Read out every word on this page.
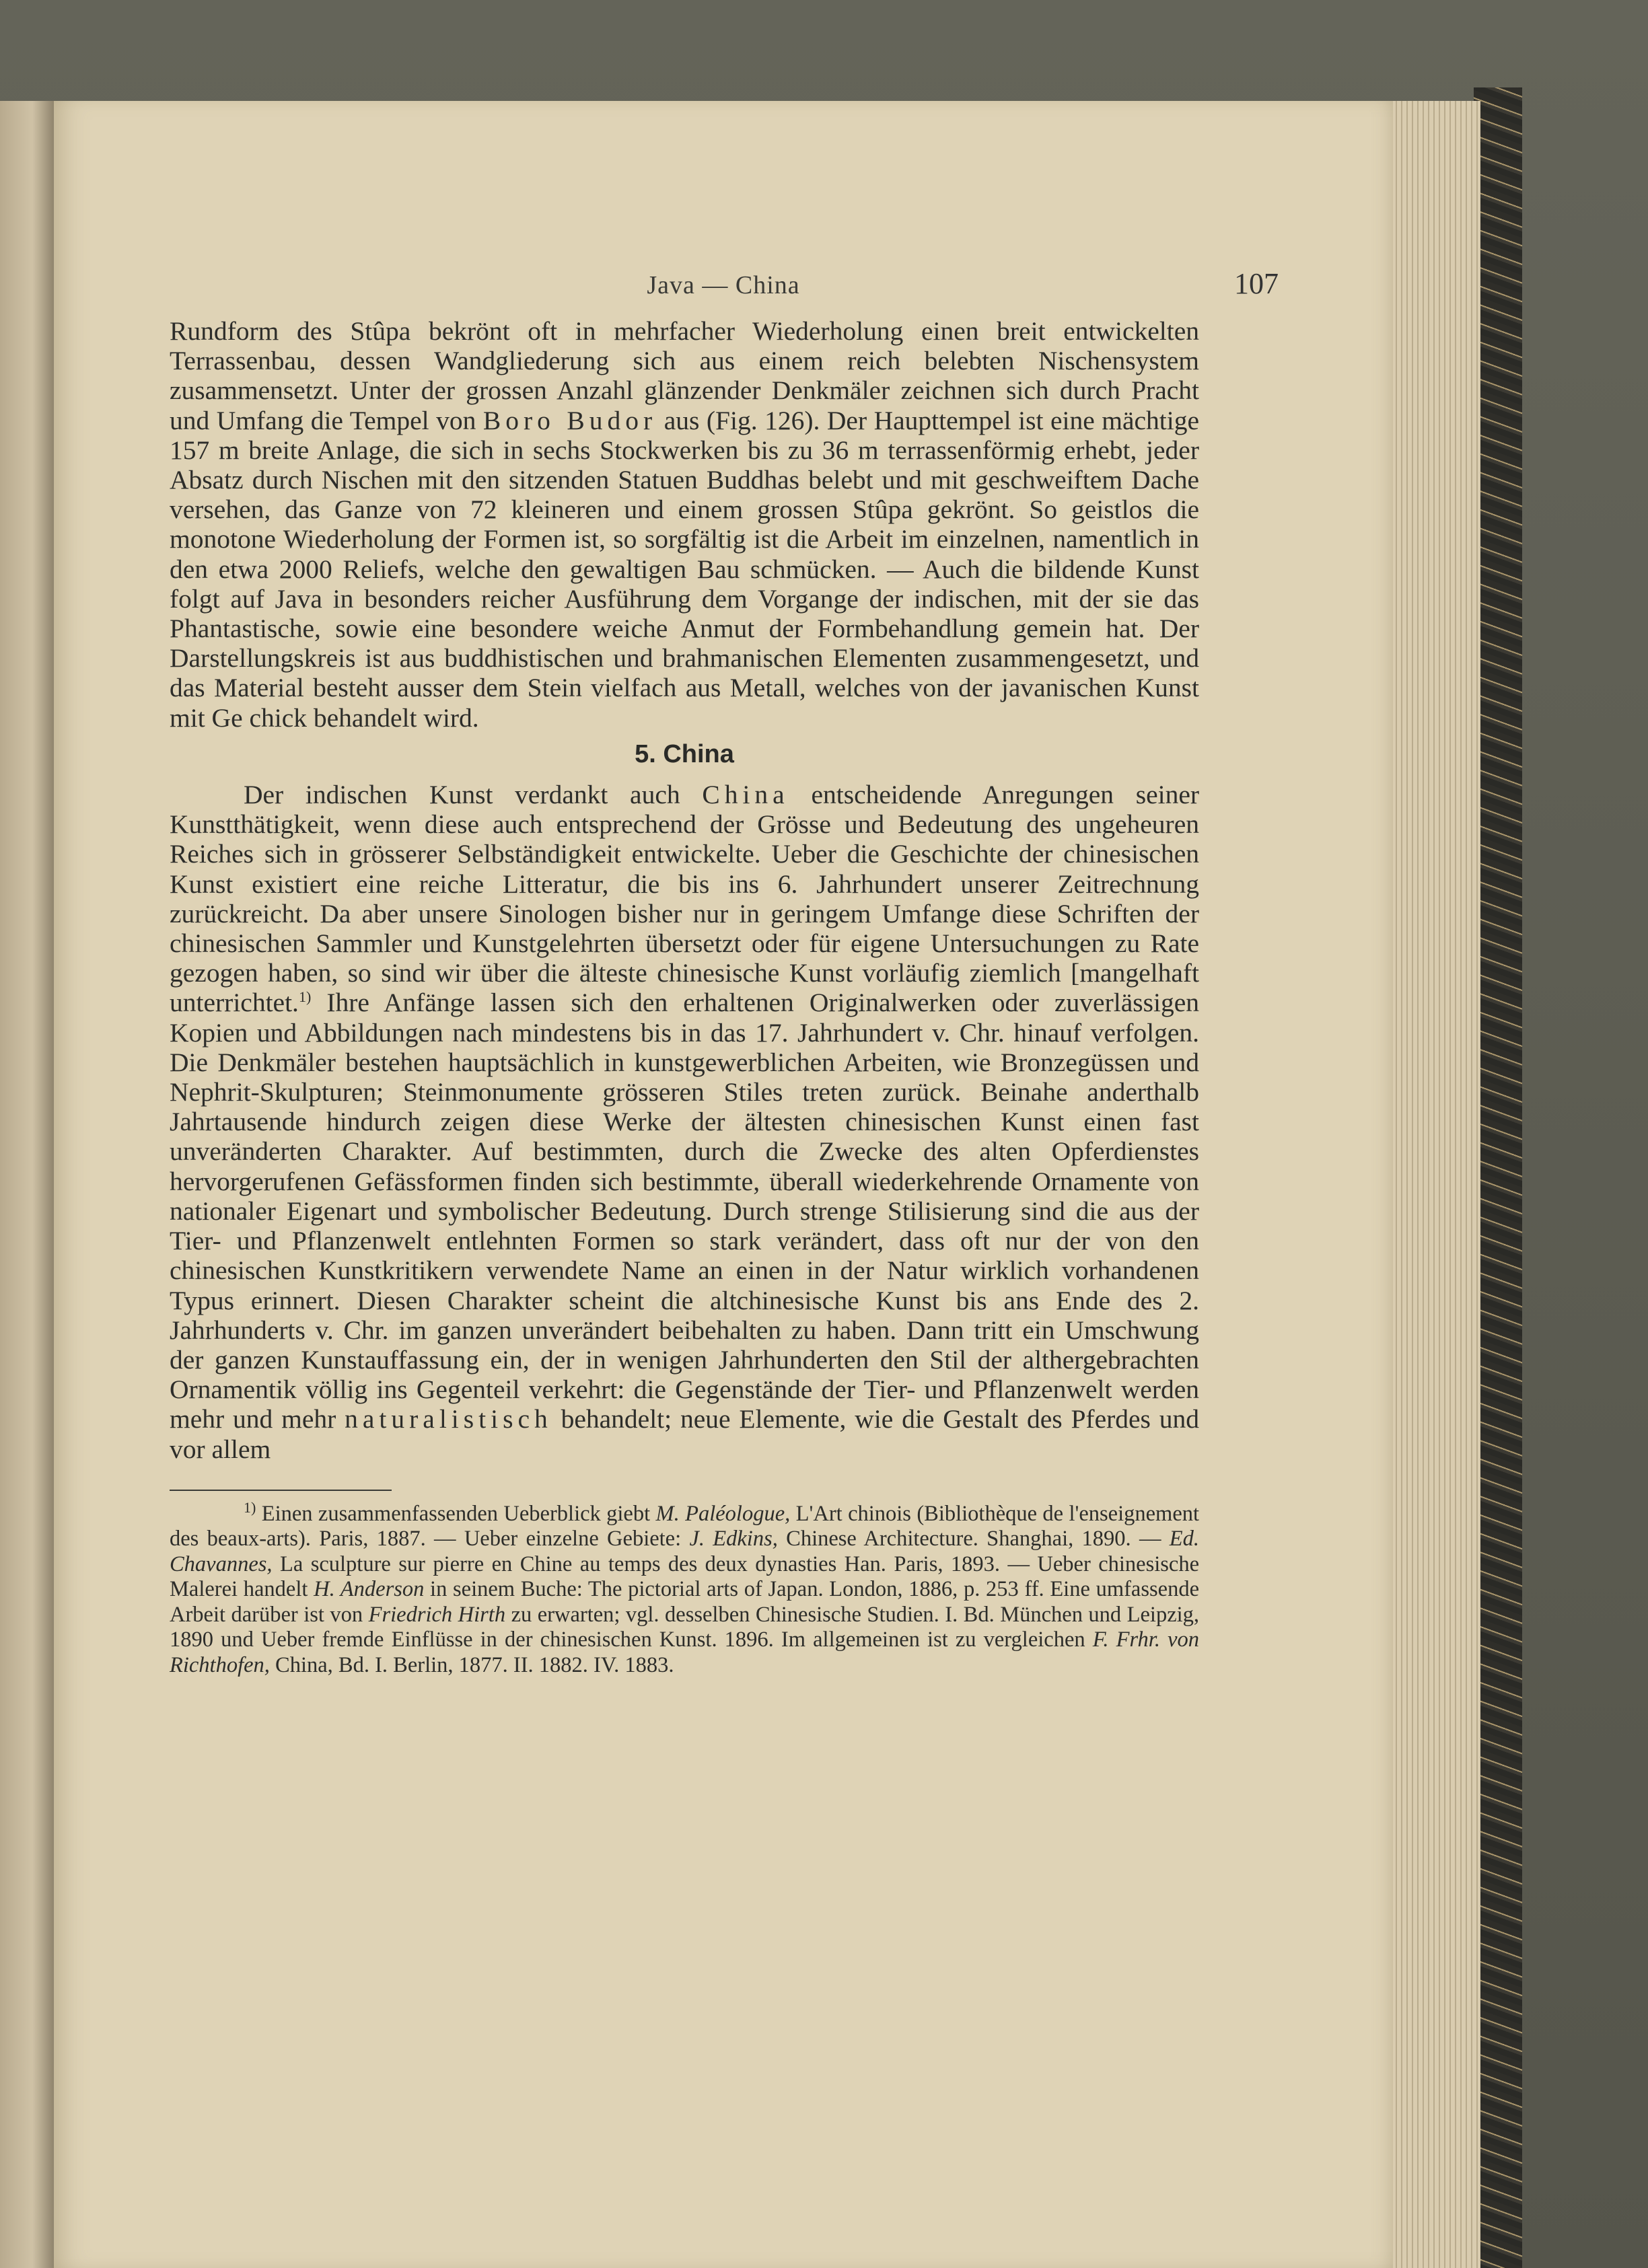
Java — China	107

Rundform des Stûpa bekrönt oft in mehrfacher Wiederholung einen breit entwickelten Terrassenbau, dessen Wandgliederung sich aus einem reich belebten Nischensystem zusammensetzt. Unter der grossen Anzahl glänzender Denkmäler zeichnen sich durch Pracht und Umfang die Tempel von Boro Budor aus (Fig. 126). Der Haupttempel ist eine mächtige 157 m breite Anlage, die sich in sechs Stockwerken bis zu 36 m terrassenförmig erhebt, jeder Absatz durch Nischen mit den sitzenden Statuen Buddhas belebt und mit geschweiftem Dache versehen, das Ganze von 72 kleineren und einem grossen Stûpa gekrönt. So geistlos die monotone Wiederholung der Formen ist, so sorgfältig ist die Arbeit im einzelnen, namentlich in den etwa 2000 Reliefs, welche den gewaltigen Bau schmücken. — Auch die bildende Kunst folgt auf Java in besonders reicher Ausführung dem Vorgange der indischen, mit der sie das Phantastische, sowie eine besondere weiche Anmut der Formbehandlung gemein hat. Der Darstellungskreis ist aus buddhistischen und brahmanischen Elementen zusammengesetzt, und das Material besteht ausser dem Stein vielfach aus Metall, welches von der javanischen Kunst mit Ge chick behandelt wird.

5. China

Der indischen Kunst verdankt auch China entscheidende Anregungen seiner Kunstthätigkeit, wenn diese auch entsprechend der Grösse und Bedeutung des ungeheuren Reiches sich in grösserer Selbständigkeit entwickelte. Ueber die Geschichte der chinesischen Kunst existiert eine reiche Litteratur, die bis ins 6. Jahrhundert unserer Zeitrechnung zurückreicht. Da aber unsere Sinologen bisher nur in geringem Umfange diese Schriften der chinesischen Sammler und Kunstgelehrten übersetzt oder für eigene Untersuchungen zu Rate gezogen haben, so sind wir über die älteste chinesische Kunst vorläufig ziemlich [mangelhaft unterrichtet.$^{1)}$ Ihre Anfänge lassen sich den erhaltenen Originalwerken oder zuverlässigen Kopien und Abbildungen nach mindestens bis in das 17. Jahrhundert v. Chr. hinauf verfolgen. Die Denkmäler bestehen hauptsächlich in kunstgewerblichen Arbeiten, wie Bronzegüssen und Nephrit-Skulpturen; Steinmonumente grösseren Stiles treten zurück. Beinahe anderthalb Jahrtausende hindurch zeigen diese Werke der ältesten chinesischen Kunst einen fast unveränderten Charakter. Auf bestimmten, durch die Zwecke des alten Opferdienstes hervorgerufenen Gefässformen finden sich bestimmte, überall wiederkehrende Ornamente von nationaler Eigenart und symbolischer Bedeutung. Durch strenge Stilisierung sind die aus der Tier- und Pflanzenwelt entlehnten Formen so stark verändert, dass oft nur der von den chinesischen Kunstkritikern verwendete Name an einen in der Natur wirklich vorhandenen Typus erinnert. Diesen Charakter scheint die altchinesische Kunst bis ans Ende des 2. Jahrhunderts v. Chr. im ganzen unverändert beibehalten zu haben. Dann tritt ein Umschwung der ganzen Kunstauffassung ein, der in wenigen Jahrhunderten den Stil der althergebrachten Ornamentik völlig ins Gegenteil verkehrt: die Gegenstände der Tier- und Pflanzenwelt werden mehr und mehr naturalistisch behandelt; neue Elemente, wie die Gestalt des Pferdes und vor allem

$^{1)}$ Einen zusammenfassenden Ueberblick giebt M. Paléologue, L'Art chinois (Bibliothèque de l'enseignement des beaux-arts). Paris, 1887. — Ueber einzelne Gebiete: J. Edkins, Chinese Architecture. Shanghai, 1890. — Ed. Chavannes, La sculpture sur pierre en Chine au temps des deux dynasties Han. Paris, 1893. — Ueber chinesische Malerei handelt H. Anderson in seinem Buche: The pictorial arts of Japan. London, 1886, p. 253 ff. Eine umfassende Arbeit darüber ist von Friedrich Hirth zu erwarten; vgl. desselben Chinesische Studien. I. Bd. München und Leipzig, 1890 und Ueber fremde Einflüsse in der chinesischen Kunst. 1896. Im allgemeinen ist zu vergleichen F. Frhr. von Richthofen, China, Bd. I. Berlin, 1877. II. 1882. IV. 1883.
